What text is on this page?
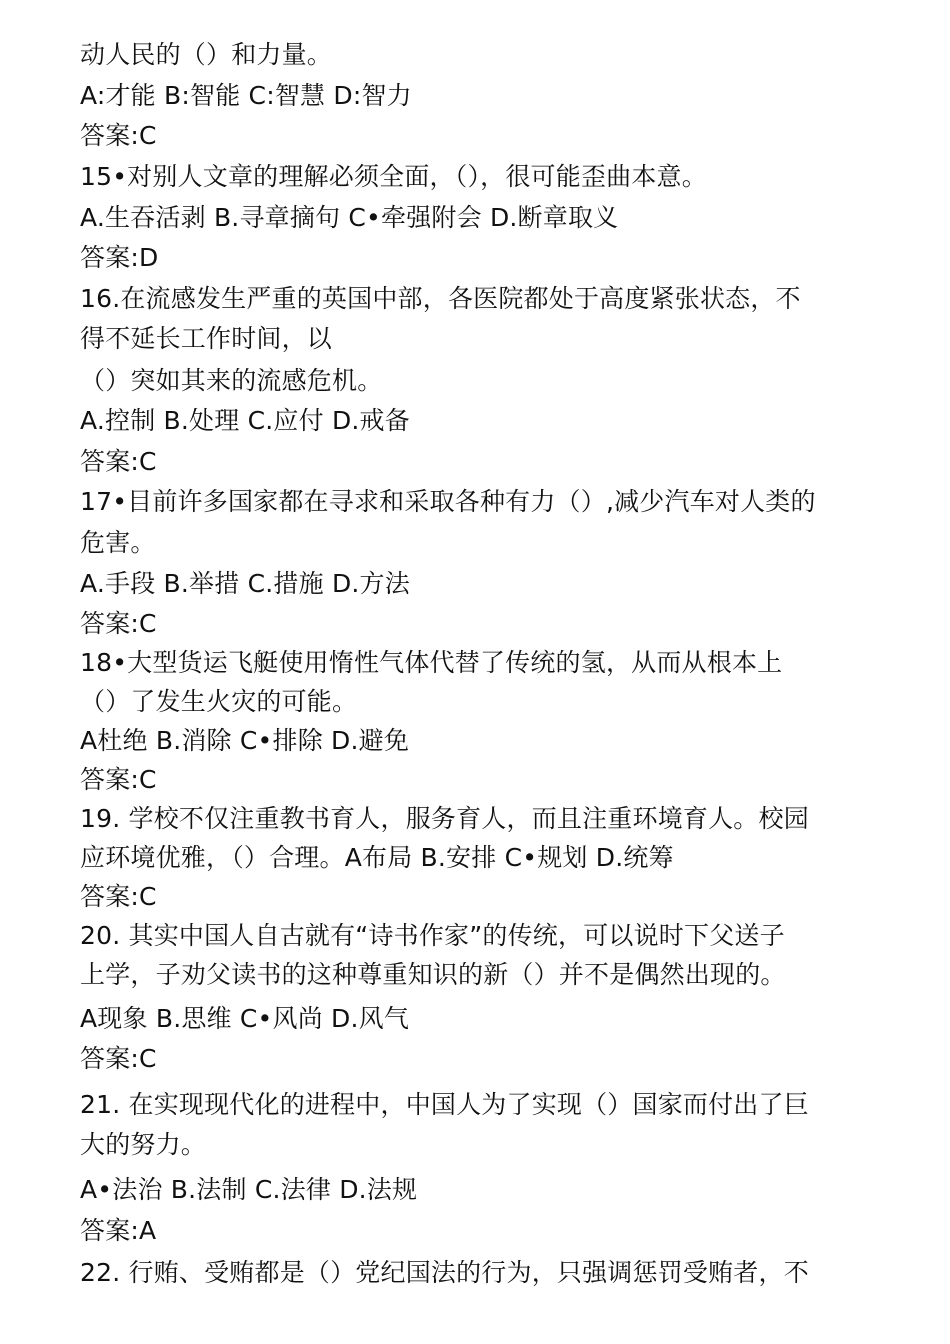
动人民的（）和力量。
A:才能 B:智能 C:智慧 D:智力
答案:C
15•对别人文章的理解必须全面，（），很可能歪曲本意。
A.生吞活剥 B.寻章摘句 C•牵强附会 D.断章取义
答案:D
16.在流感发生严重的英国中部，各医院都处于高度紧张状态，不
得不延长工作时间，以
（）突如其来的流感危机。
A.控制 B.处理 C.应付 D.戒备
答案:C
17•目前许多国家都在寻求和采取各种有力（）,减少汽车对人类的
危害。
A.手段 B.举措 C.措施 D.方法
答案:C
18•大型货运飞艇使用惰性气体代替了传统的氢，从而从根本上
（）了发生火灾的可能。
A杜绝 B.消除 C•排除 D.避免
答案:C
19. 学校不仅注重教书育人，服务育人，而且注重环境育人。校园
应环境优雅，（）合理。A布局 B.安排 C•规划 D.统筹
答案:C
20. 其实中国人自古就有“诗书作家”的传统，可以说时下父送子
上学，子劝父读书的这种尊重知识的新（）并不是偶然出现的。
A现象 B.思维 C•风尚 D.风气
答案:C
21. 在实现现代化的进程中，中国人为了实现（）国家而付出了巨
大的努力。
A•法治 B.法制 C.法律 D.法规
答案:A
22. 行贿、受贿都是（）党纪国法的行为，只强调惩罚受贿者，不
